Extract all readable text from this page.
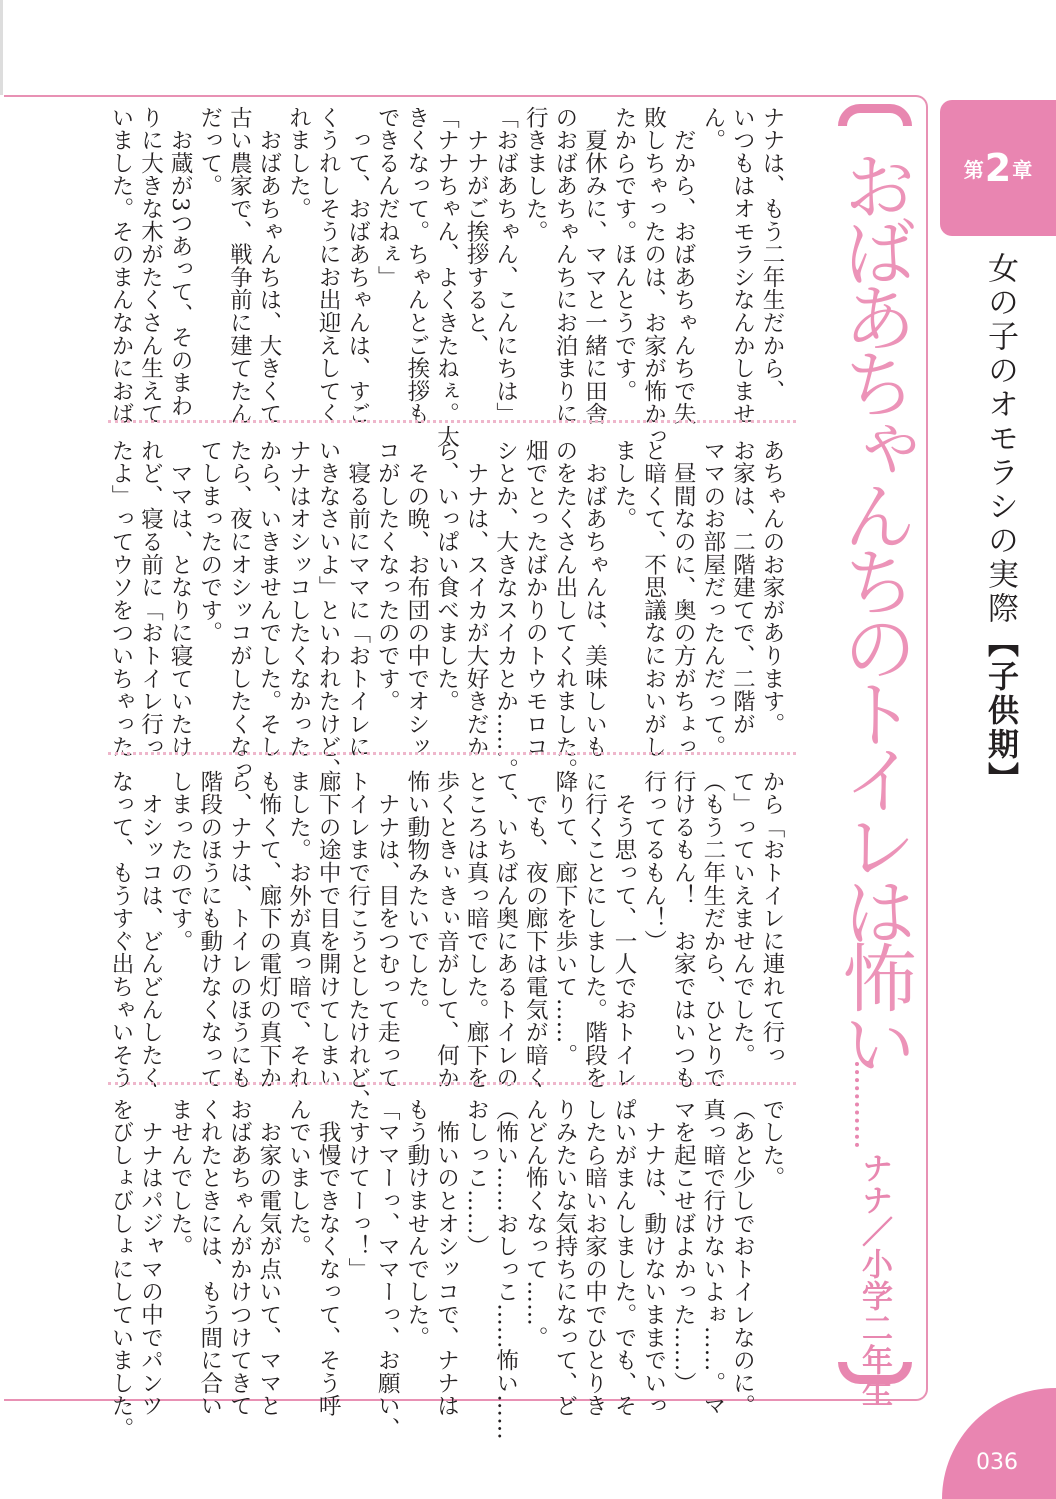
ナナは、もう二年生だから、
いつもはオモラシなんかしませ
ん。
　だから、おばあちゃんちで失
敗しちゃったのは、お家が怖かっ
たからです。ほんとうです。
　夏休みに、ママと一緒に田舎
のおばあちゃんちにお泊まりに
行きました。
「おばあちゃん、こんにちは」
　ナナがご挨拶すると、
「ナナちゃん、よくきたねぇ。大
きくなって。ちゃんとご挨拶も
できるんだねぇ」
　って、おばあちゃんは、すご
くうれしそうにお出迎えしてく
れました。
　おばあちゃんちは、大きくて
古い農家で、戦争前に建てたん
だって。
　お蔵が3つあって、そのまわ
りに大きな木がたくさん生えて
いました。そのまんなかにおば
あちゃんのお家があります。
お家は、二階建てで、二階が
ママのお部屋だったんだって。
　昼間なのに、奥の方がちょっ
と暗くて、不思議なにおいがし
ました。
　おばあちゃんは、美味しいも
のをたくさん出してくれました。
畑でとったばかりのトウモロコ
シとか、大きなスイカとか……。
　ナナは、スイカが大好きだか
ら、いっぱい食べました。
　その晩、お布団の中でオシッ
コがしたくなったのです。
　寝る前にママに「おトイレに
いきなさいよ」といわれたけど、
ナナはオシッコしたくなかった
から、いきませんでした。そし
たら、夜にオシッコがしたくなっ
てしまったのです。
　ママは、となりに寝ていたけ
れど、寝る前に「おトイレ行っ
たよ」ってウソをついちゃった
から「おトイレに連れて行っ
て」っていえませんでした。
（もう二年生だから、ひとりで
行けるもん！　お家ではいつも
行ってるもん！）
　そう思って、一人でおトイレ
に行くことにしました。階段を
降りて、廊下を歩いて……。
　でも、夜の廊下は電気が暗く
て、いちばん奥にあるトイレの
ところは真っ暗でした。廊下を
歩くときぃきぃ音がして、何か
怖い動物みたいでした。
　ナナは、目をつむって走って
トイレまで行こうとしたけれど、
廊下の途中で目を開けてしまい
ました。お外が真っ暗で、それ
も怖くて、廊下の電灯の真下か
ら、ナナは、トイレのほうにも
階段のほうにも動けなくなって
しまったのです。
　オシッコは、どんどんしたく
なって、もうすぐ出ちゃいそう
でした。
（あと少しでおトイレなのに。
真っ暗で行けないよぉ……。マ
マを起こせばよかった……）
　ナナは、動けないままでいっ
ぱいがまんしました。でも、そ
したら暗いお家の中でひとりき
りみたいな気持ちになって、ど
んどん怖くなって……。
（怖い……おしっこ……怖い……
おしっこ……）
　怖いのとオシッコで、ナナは
もう動けませんでした。
「ママーっ、ママーっ、お願い、
たすけてーっ！」
　我慢できなくなって、そう呼
んでいました。
　お家の電気が点いて、ママと
おばあちゃんがかけつけてきて
くれたときには、もう間に合い
ませんでした。
　ナナはパジャマの中でパンツ
をびしょびしょにしていました。
おばあちゃんちのトイレは怖い
ナナ／小学二年生
第 2 章
女の子のオモラシの実際【子供期】
036
